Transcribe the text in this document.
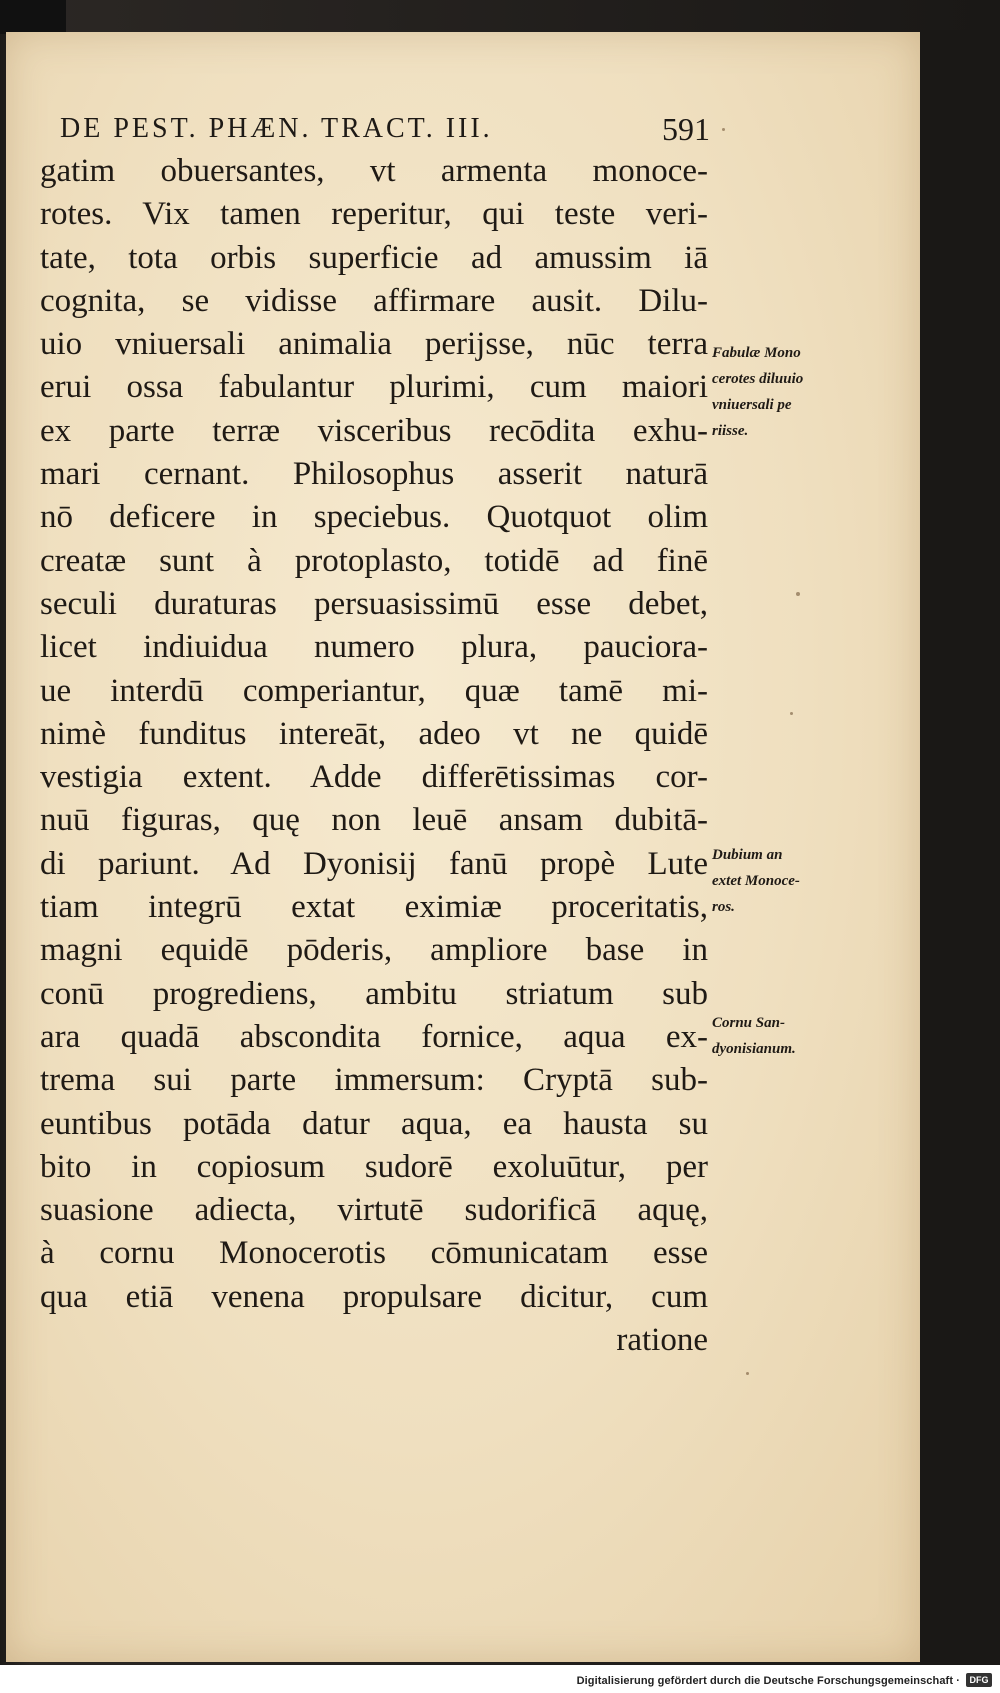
DE PEST. PHÆN. TRACT. III.	591
gatim obuersantes, vt armenta monoce-
rotes. Vix tamen reperitur, qui teste veri-
tate, tota orbis superficie ad amussim iā
cognita, se vidisse affirmare ausit. Dilu-
uio vniuersali animalia perijsse, nūc terra
erui ossa fabulantur plurimi, cum maiori
ex parte terræ visceribus recōdita exhu-
mari cernant. Philosophus asserit naturā
nō deficere in speciebus. Quotquot olim
creatæ sunt à protoplasto, totidē ad finē
seculi duraturas persuasissimū esse debet,
licet indiuidua numero plura, pauciora-
ue interdū comperiantur, quæ tamē mi-
nimè funditus intereāt, adeo vt ne quidē
vestigia extent. Adde differētissimas cor-
nuū figuras, quę non leuē ansam dubitā-
di pariunt. Ad Dyonisij fanū propè Lute
tiam integrū extat eximiæ proceritatis,
magni equidē pōderis, ampliore base in
conū progrediens, ambitu striatum sub
ara quadā abscondita fornice, aqua ex-
trema sui parte immersum: Cryptā sub-
euntibus potāda datur aqua, ea hausta su
bito in copiosum sudorē exoluūtur, per
suasione adiecta, virtutē sudorificā aquę,
à cornu Monocerotis cōmunicatam esse
qua etiā venena propulsare dicitur, cum
ratione
Fabulæ Mono
cerotes diluuio
vniuersali pe
riisse.
Dubium an
extet Monoce-
ros.
Cornu San-
dyonisianum.
Digitalisierung gefördert durch die Deutsche Forschungsgemeinschaft ·	DFG
